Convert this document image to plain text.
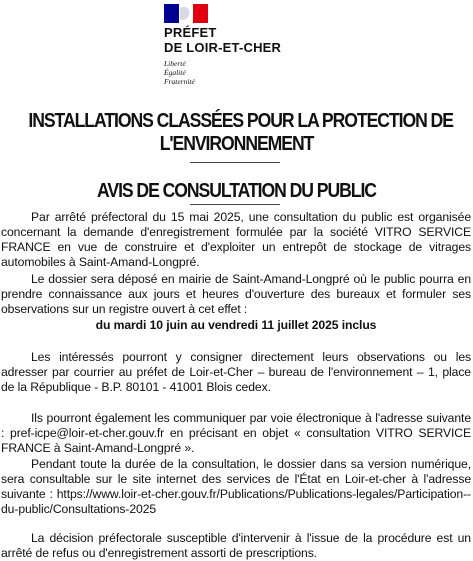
PRÉFET
DE LOIR-ET-CHER
Liberté
Égalité
Fraternité
INSTALLATIONS CLASSÉES POUR LA PROTECTION DE
L'ENVIRONNEMENT
AVIS DE CONSULTATION DU PUBLIC
Par arrêté préfectoral du 15 mai 2025, une consultation du public est organisée concernant la demande d'enregistrement formulée par la société VITRO SERVICE FRANCE en vue de construire et d'exploiter un entrepôt de stockage de vitrages automobiles à Saint-Amand-Longpré.
Le dossier sera déposé en mairie de Saint-Amand-Longpré où le public pourra en prendre connaissance aux jours et heures d'ouverture des bureaux et formuler ses observations sur un registre ouvert à cet effet :
du mardi 10 juin au vendredi 11 juillet 2025 inclus
Les intéressés pourront y consigner directement leurs observations ou les adresser par courrier au préfet de Loir-et-Cher – bureau de l'environnement – 1, place de la République - B.P. 80101 - 41001 Blois cedex.
Ils pourront également les communiquer par voie électronique à l'adresse suivante : pref-icpe@loir-et-cher.gouv.fr en précisant en objet « consultation VITRO SERVICE FRANCE à Saint-Amand-Longpré ».
Pendant toute la durée de la consultation, le dossier dans sa version numérique, sera consultable sur le site internet des services de l'État en Loir-et-cher à l'adresse suivante : https://www.loir-et-cher.gouv.fr/Publications/Publications-legales/Participation--du-public/Consultations-2025
La décision préfectorale susceptible d'intervenir à l'issue de la procédure est un arrêté de refus ou d'enregistrement assorti de prescriptions.
